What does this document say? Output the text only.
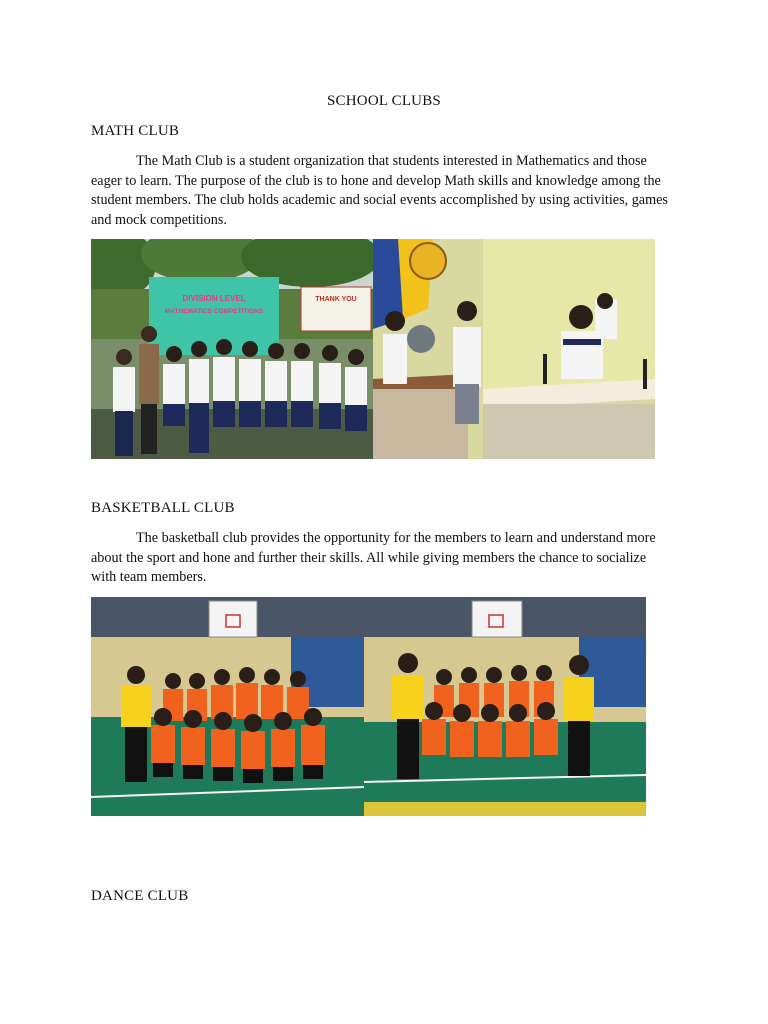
SCHOOL CLUBS
MATH CLUB
The Math Club is a student organization that students interested in Mathematics and those eager to learn. The purpose of the club is to hone and develop Math skills and knowledge among the student members. The club holds academic and social events accomplished by using activities, games and mock competitions.
DIVISION LEVEL
MATHEMATICS COMPETITIONS
THANK YOU
BASKETBALL CLUB
The basketball club provides the opportunity for the members to learn and understand more about the sport and hone and further their skills. All while giving members the chance to socialize with team members.
DANCE CLUB
